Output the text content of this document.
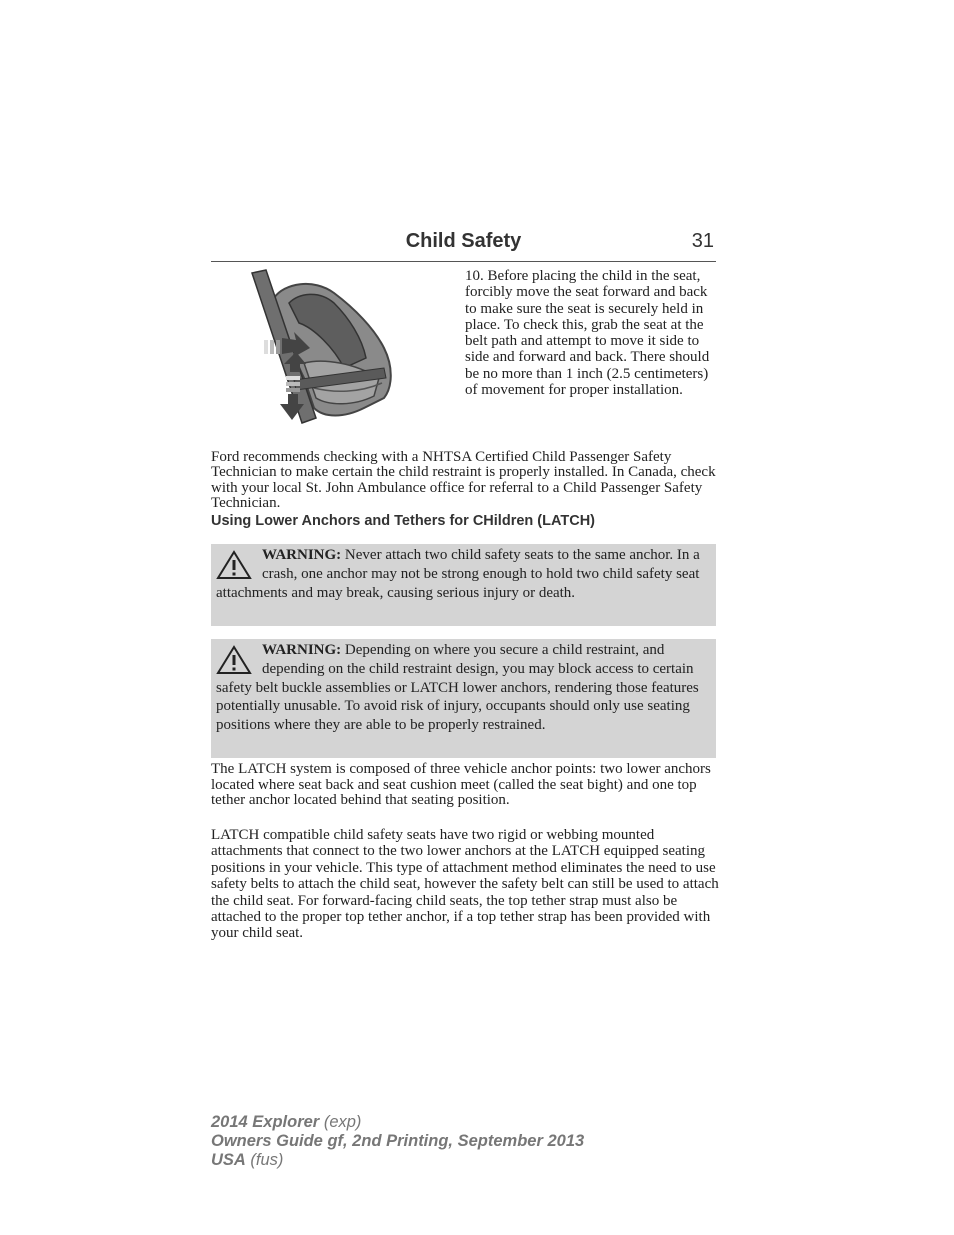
Child Safety	31
10. Before placing the child in the seat, forcibly move the seat forward and back to make sure the seat is securely held in place. To check this, grab the seat at the belt path and attempt to move it side to side and forward and back. There should be no more than 1 inch (2.5 centimeters) of movement for proper installation.

Ford recommends checking with a NHTSA Certified Child Passenger Safety Technician to make certain the child restraint is properly installed. In Canada, check with your local St. John Ambulance office for referral to a Child Passenger Safety Technician.

Using Lower Anchors and Tethers for CHildren (LATCH)
WARNING: Never attach two child safety seats to the same anchor. In a crash, one anchor may not be strong enough to hold two child safety seat attachments and may break, causing serious injury or death.
WARNING: Depending on where you secure a child restraint, and depending on the child restraint design, you may block access to certain safety belt buckle assemblies or LATCH lower anchors, rendering those features potentially unusable. To avoid risk of injury, occupants should only use seating positions where they are able to be properly restrained.

The LATCH system is composed of three vehicle anchor points: two lower anchors located where seat back and seat cushion meet (called the seat bight) and one top tether anchor located behind that seating position.

LATCH compatible child safety seats have two rigid or webbing mounted attachments that connect to the two lower anchors at the LATCH equipped seating positions in your vehicle. This type of attachment method eliminates the need to use safety belts to attach the child seat, however the safety belt can still be used to attach the child seat. For forward-facing child seats, the top tether strap must also be attached to the proper top tether anchor, if a top tether strap has been provided with your child seat.

2014 Explorer (exp)
Owners Guide gf, 2nd Printing, September 2013
USA (fus)
